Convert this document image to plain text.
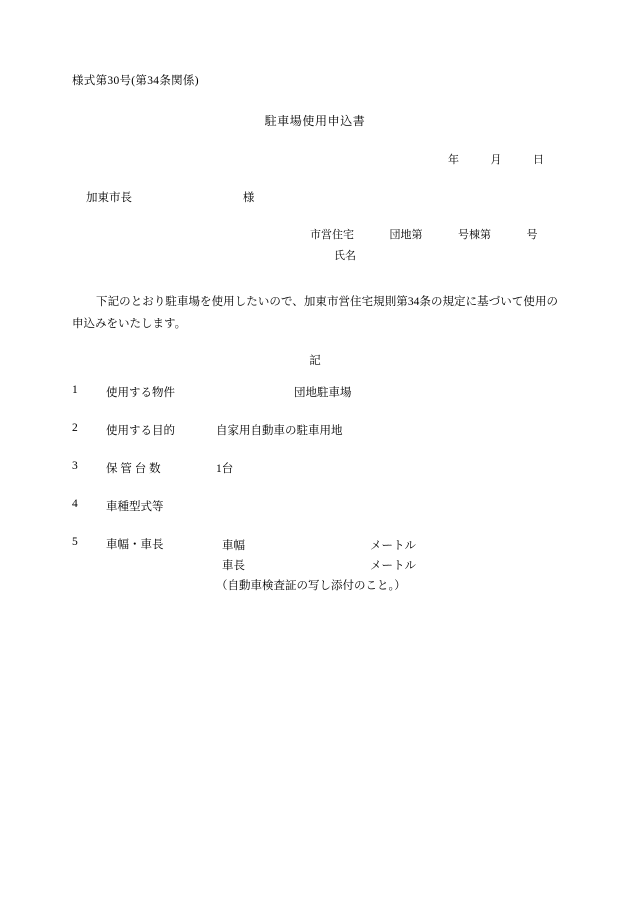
様式第30号(第34条関係)
駐車場使用申込書
年	月	日
加東市長	様
市営住宅	団地第	号棟第	号
氏名
下記のとおり駐車場を使用したいので、加東市営住宅規則第34条の規定に基づいて使用の申込みをいたします。
記
1	使用する物件	団地駐車場
2	使用する目的	自家用自動車の駐車用地
3	保 管 台 数	1台
4	車種型式等
5	車幅・車長	車幅	メートル
車長	メートル
（自動車検査証の写し添付のこと。）
